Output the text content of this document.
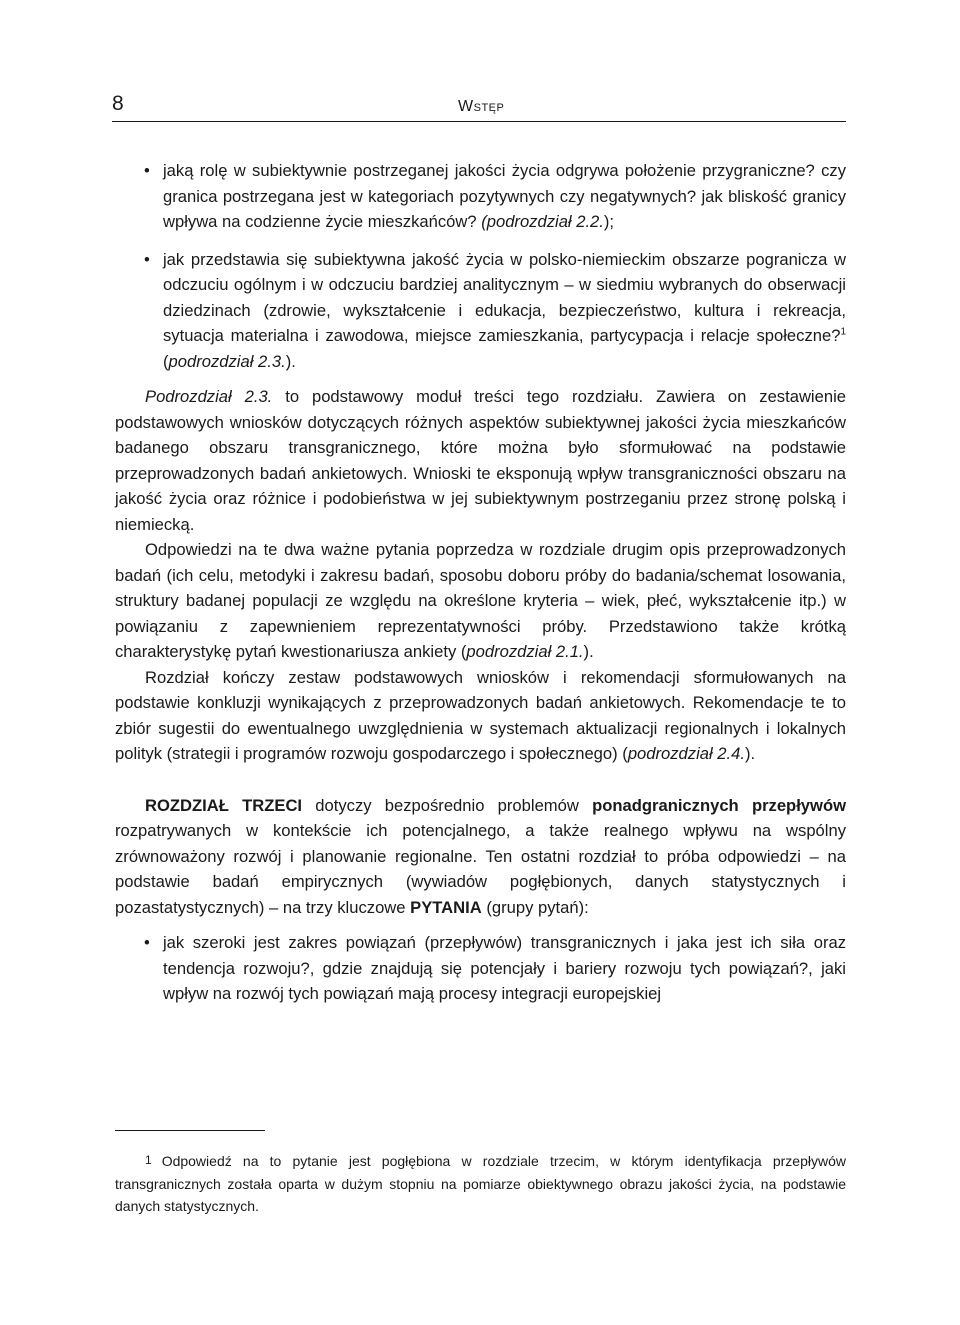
8	Wstęp
• jaką rolę w subiektywnie postrzeganej jakości życia odgrywa położenie przygraniczne? czy granica postrzegana jest w kategoriach pozytywnych czy negatywnych? jak bliskość granicy wpływa na codzienne życie mieszkańców? (podrozdział 2.2.);
• jak przedstawia się subiektywna jakość życia w polsko-niemieckim obszarze pogranicza w odczuciu ogólnym i w odczuciu bardziej analitycznym – w siedmiu wybranych do obserwacji dziedzinach (zdrowie, wykształcenie i edukacja, bezpieczeństwo, kultura i rekreacja, sytuacja materialna i zawodowa, miejsce zamieszkania, partycypacja i relacje społeczne?$^1$ (podrozdział 2.3.).

Podrozdział 2.3. to podstawowy moduł treści tego rozdziału. Zawiera on zestawienie podstawowych wniosków dotyczących różnych aspektów subiektywnej jakości życia mieszkańców badanego obszaru transgranicznego, które można było sformułować na podstawie przeprowadzonych badań ankietowych. Wnioski te eksponują wpływ transgraniczności obszaru na jakość życia oraz różnice i podobieństwa w jej subiektywnym postrzeganiu przez stronę polską i niemiecką.

Odpowiedzi na te dwa ważne pytania poprzedza w rozdziale drugim opis przeprowadzonych badań (ich celu, metodyki i zakresu badań, sposobu doboru próby do badania/schemat losowania, struktury badanej populacji ze względu na określone kryteria – wiek, płeć, wykształcenie itp.) w powiązaniu z zapewnieniem reprezentatywności próby. Przedstawiono także krótką charakterystykę pytań kwestionariusza ankiety (podrozdział 2.1.).

Rozdział kończy zestaw podstawowych wniosków i rekomendacji sformułowanych na podstawie konkluzji wynikających z przeprowadzonych badań ankietowych. Rekomendacje te to zbiór sugestii do ewentualnego uwzględnienia w systemach aktualizacji regionalnych i lokalnych polityk (strategii i programów rozwoju gospodarczego i społecznego) (podrozdział 2.4.).

ROZDZIAŁ TRZECI dotyczy bezpośrednio problemów ponadgranicznych przepływów rozpatrywanych w kontekście ich potencjalnego, a także realnego wpływu na wspólny zrównoważony rozwój i planowanie regionalne. Ten ostatni rozdział to próba odpowiedzi – na podstawie badań empirycznych (wywiadów pogłębionych, danych statystycznych i pozastatystycznych) – na trzy kluczowe PYTANIA (grupy pytań):

• jak szeroki jest zakres powiązań (przepływów) transgranicznych i jaka jest ich siła oraz tendencja rozwoju?, gdzie znajdują się potencjały i bariery rozwoju tych powiązań?, jaki wpływ na rozwój tych powiązań mają procesy integracji europejskiej
1 Odpowiedź na to pytanie jest pogłębiona w rozdziale trzecim, w którym identyfikacja przepływów transgranicznych została oparta w dużym stopniu na pomiarze obiektywnego obrazu jakości życia, na podstawie danych statystycznych.
